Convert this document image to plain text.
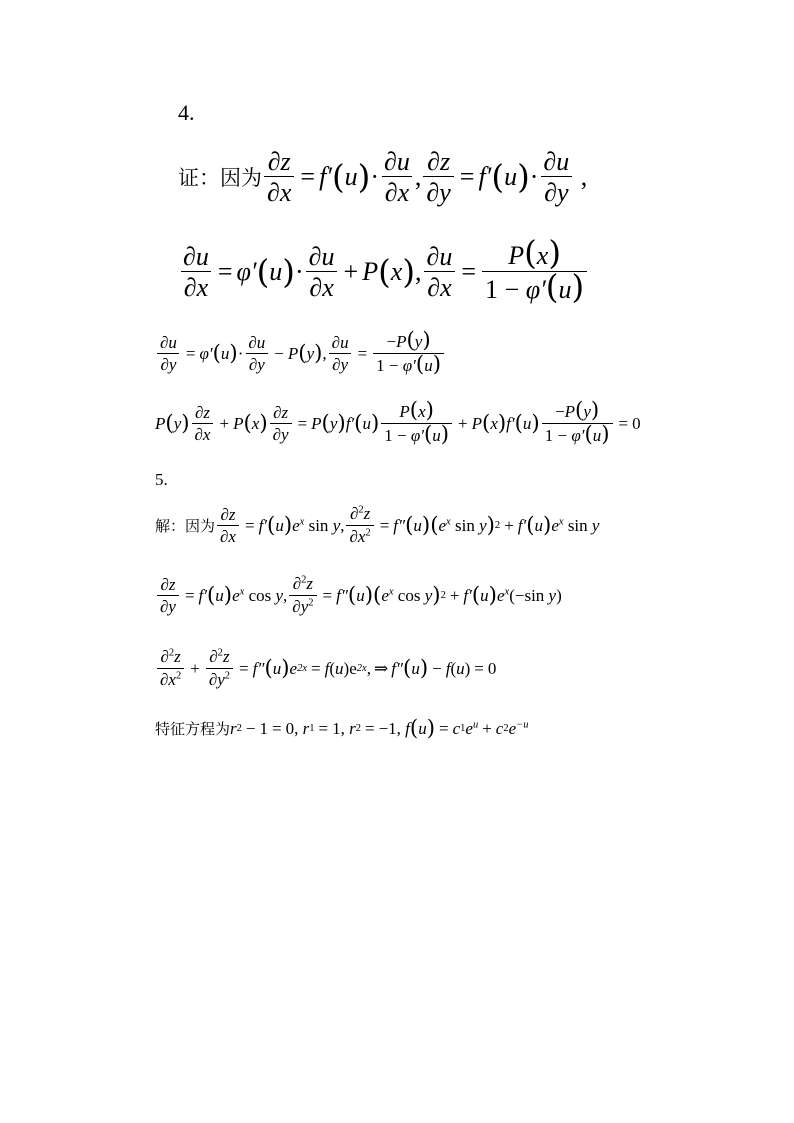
4.
证：因为 $\frac{\partial z}{\partial x} = f'$ ( u ) · $\frac{\partial u}{\partial x}$ , $\frac{\partial z}{\partial y} = f'$ ( u ) · $\frac{\partial u}{\partial y}$ ,
$\frac{\partial u}{\partial x} = \varphi'$ ( u ) · $\frac{\partial u}{\partial x} + P$ ( x ) , $\frac{\partial u}{\partial x} = \frac{P(x)}{1 - \varphi'(u)}$
$\frac{\partial u}{\partial y} = \varphi'$ ( u ) · $\frac{\partial u}{\partial y} - P$ ( y ) , $\frac{\partial u}{\partial y} = \frac{-P(y)}{1 - \varphi'(u)}$
P ( y ) $\frac{\partial z}{\partial x} + P$ ( x ) $\frac{\partial z}{\partial y} = P$ ( y ) f′ ( u ) $\frac{P(x)}{1 - \varphi'(u)} + P$ ( x ) f′ ( u ) $\frac{-P(y)}{1 - \varphi'(u)} = 0$
5.
解：因为 $\frac{\partial z}{\partial x} = f'$ ( u ) $e^x$ sin y , $\frac{\partial^2z}{\partial x^2} = f''$ ( u ) ( $e^x$ sin y ) 2 + f′ ( u ) $e^x$ sin y
$\frac{\partial z}{\partial y} = f'$ ( u ) $e^x$ cos y , $\frac{\partial^2z}{\partial y^2} = f''$ ( u ) ( $e^x$ cos y ) 2 + f′ ( u ) $e^x$ (−sin y )
$\frac{\partial^2z}{\partial x^2} + \frac{\partial^2z}{\partial y^2} = f''$ ( u ) e 2x = f ( u )e 2x , ⇒ f″ ( u ) − f ( u ) = 0
特征方程为 r 2 − 1 = 0, r 1 = 1, r 2 = −1, f ( u ) = c 1 $e^u + c$ 2 $e^{-u}$
